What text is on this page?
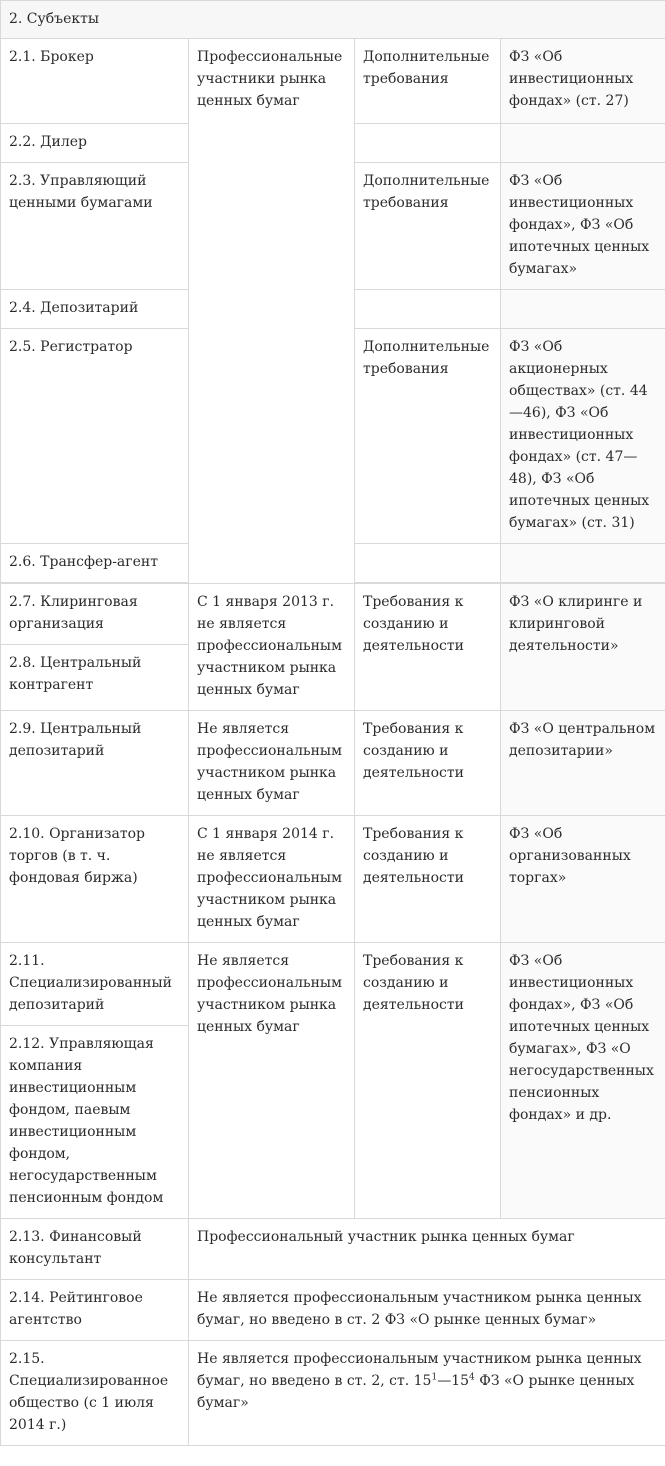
2. Субъекты			
2.1. Брокер	Профессиональные участники рынка ценных бумаг	Дополнительные требования	ФЗ «Об инвестиционных фондах» (ст. 27)
2.2. Дилер			
2.3. Управляющий ценными бумагами		Дополнительные требования	ФЗ «Об инвестиционных фондах», ФЗ «Об ипотечных ценных бумагах»
2.4. Депозитарий			
2.5. Регистратор		Дополнительные требования	ФЗ «Об акционерных обществах» (ст. 44—46), ФЗ «Об инвестиционных фондах» (ст. 47—48), ФЗ «Об ипотечных ценных бумагах» (ст. 31)
2.6. Трансфер-агент			

2.7. Клиринговая организация	С 1 января 2013 г. не является профессиональным участником рынка ценных бумаг	Требования к созданию и деятельности	ФЗ «О клиринге и клиринговой деятельности»
2.8. Центральный контрагент			
2.9. Центральный депозитарий	Не является профессиональным участником рынка ценных бумаг	Требования к созданию и деятельности	ФЗ «О центральном депозитарии»
2.10. Организатор торгов (в т. ч. фондовая биржа)	С 1 января 2014 г. не является профессиональным участником рынка ценных бумаг	Требования к созданию и деятельности	ФЗ «Об организованных торгах»
2.11. Специализированный депозитарий	Не является профессиональным участником рынка ценных бумаг	Требования к созданию и деятельности	ФЗ «Об инвестиционных фондах», ФЗ «Об ипотечных ценных бумагах», ФЗ «О негосударственных пенсионных фондах» и др.
2.12. Управляющая компания инвестиционным фондом, паевым инвестиционным фондом, негосударственным пенсионным фондом			
2.13. Финансовый консультант	Профессиональный участник рынка ценных бумаг		
2.14. Рейтинговое агентство	Не является профессиональным участником рынка ценных бумаг, но введено в ст. 2 ФЗ «О рынке ценных бумаг»		
2.15. Специализированное общество (с 1 июля 2014 г.)	Не является профессиональным участником рынка ценных бумаг, но введено в ст. 2, ст. $15^1—15^4$ ФЗ «О рынке ценных бумаг»		
